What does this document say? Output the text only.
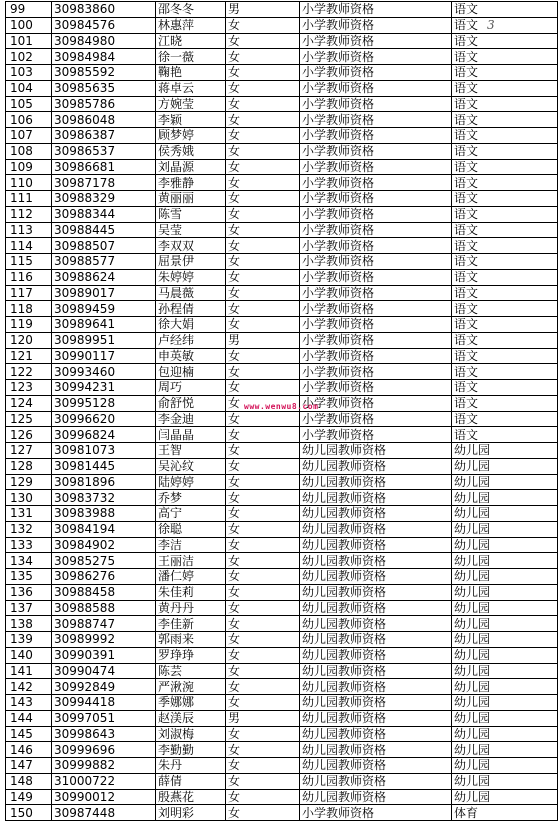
99	30983860	邵冬冬	男	小学教师资格	语文
100	30984576	林惠萍	女	小学教师资格	语文
101	30984980	江晓	女	小学教师资格	语文
102	30984984	徐一薇	女	小学教师资格	语文
103	30985592	鞠艳	女	小学教师资格	语文
104	30985635	蒋卓云	女	小学教师资格	语文
105	30985786	方婉莹	女	小学教师资格	语文
106	30986048	李颖	女	小学教师资格	语文
107	30986387	顾梦婷	女	小学教师资格	语文
108	30986537	侯秀娥	女	小学教师资格	语文
109	30986681	刘晶源	女	小学教师资格	语文
110	30987178	李雅静	女	小学教师资格	语文
111	30988329	黄丽丽	女	小学教师资格	语文
112	30988344	陈雪	女	小学教师资格	语文
113	30988445	吴莹	女	小学教师资格	语文
114	30988507	李双双	女	小学教师资格	语文
115	30988577	屈景伊	女	小学教师资格	语文
116	30988624	朱婷婷	女	小学教师资格	语文
117	30989017	马晨薇	女	小学教师资格	语文
118	30989459	孙程倩	女	小学教师资格	语文
119	30989641	徐大娟	女	小学教师资格	语文
120	30989951	卢经纬	男	小学教师资格	语文
121	30990117	申英敏	女	小学教师资格	语文
122	30993460	包迎楠	女	小学教师资格	语文
123	30994231	周巧	女	小学教师资格	语文
124	30995128	俞舒悦	女	小学教师资格	语文
125	30996620	李金迪	女	小学教师资格	语文
126	30996824	闫晶晶	女	小学教师资格	语文
127	30981073	王智	女	幼儿园教师资格	幼儿园
128	30981445	吴沁纹	女	幼儿园教师资格	幼儿园
129	30981896	陆婷婷	女	幼儿园教师资格	幼儿园
130	30983732	乔梦	女	幼儿园教师资格	幼儿园
131	30983988	高宁	女	幼儿园教师资格	幼儿园
132	30984194	徐聪	女	幼儿园教师资格	幼儿园
133	30984902	李洁	女	幼儿园教师资格	幼儿园
134	30985275	王丽洁	女	幼儿园教师资格	幼儿园
135	30986276	潘仁婷	女	幼儿园教师资格	幼儿园
136	30988458	朱佳莉	女	幼儿园教师资格	幼儿园
137	30988588	黄丹丹	女	幼儿园教师资格	幼儿园
138	30988747	李佳新	女	幼儿园教师资格	幼儿园
139	30989992	郭雨来	女	幼儿园教师资格	幼儿园
140	30990391	罗琤琤	女	幼儿园教师资格	幼儿园
141	30990474	陈芸	女	幼儿园教师资格	幼儿园
142	30992849	严湫涴	女	幼儿园教师资格	幼儿园
143	30994418	季娜娜	女	幼儿园教师资格	幼儿园
144	30997051	赵渼辰	男	幼儿园教师资格	幼儿园
145	30998643	刘淑梅	女	幼儿园教师资格	幼儿园
146	30999696	李勤勤	女	幼儿园教师资格	幼儿园
147	30999882	朱丹	女	幼儿园教师资格	幼儿园
148	31000722	薛倩	女	幼儿园教师资格	幼儿园
149	30990012	殷燕花	女	幼儿园教师资格	幼儿园
150	30987448	刘明彩	女	小学教师资格	体育
3
www.wenwu8.com
